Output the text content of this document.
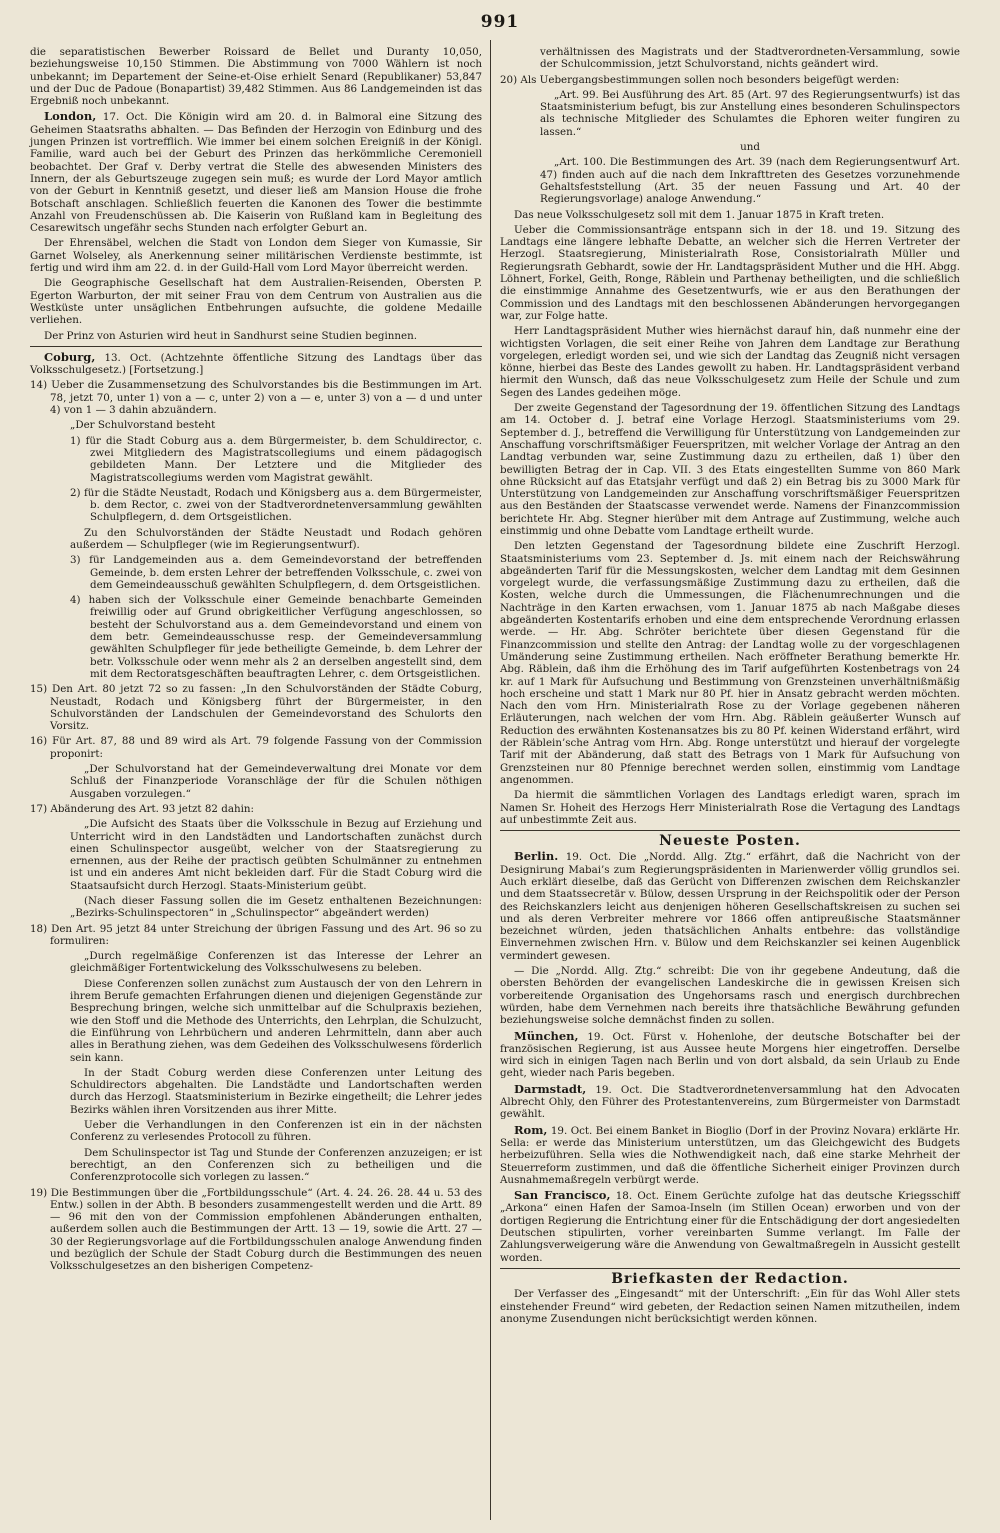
991

die separatistischen Bewerber Roissard de Bellet und Duranty 10,050, beziehungsweise 10,150 Stimmen. Die Abstimmung von 7000 Wählern ist noch unbekannt; im Departement der Seine-et-Oise erhielt Senard (Republikaner) 53,847 und der Duc de Padoue (Bonapartist) 39,482 Stimmen. Aus 86 Landgemeinden ist das Ergebniß noch unbekannt.

London, 17. Oct. Die Königin wird am 20. d. in Balmoral eine Sitzung des Geheimen Staatsraths abhalten. — Das Befinden der Herzogin von Edinburg und des jungen Prinzen ist vortrefflich. Wie immer bei einem solchen Ereigniß in der Königl. Familie, ward auch bei der Geburt des Prinzen das herkömmliche Ceremoniell beobachtet. Der Graf v. Derby vertrat die Stelle des abwesenden Ministers des Innern, der als Geburtszeuge zugegen sein muß; es wurde der Lord Mayor amtlich von der Geburt in Kenntniß gesetzt, und dieser ließ am Mansion House die frohe Botschaft anschlagen. Schließlich feuerten die Kanonen des Tower die bestimmte Anzahl von Freudenschüssen ab. Die Kaiserin von Rußland kam in Begleitung des Cesarewitsch ungefähr sechs Stunden nach erfolgter Geburt an.

Der Ehrensäbel, welchen die Stadt von London dem Sieger von Kumassie, Sir Garnet Wolseley, als Anerkennung seiner militärischen Verdienste bestimmte, ist fertig und wird ihm am 22. d. in der Guild-Hall vom Lord Mayor überreicht werden.

Die Geographische Gesellschaft hat dem Australien-Reisenden, Obersten P. Egerton Warburton, der mit seiner Frau von dem Centrum von Australien aus die Westküste unter unsäglichen Entbehrungen aufsuchte, die goldene Medaille verliehen.

Der Prinz von Asturien wird heut in Sandhurst seine Studien beginnen.

Coburg, 13. Oct. (Achtzehnte öffentliche Sitzung des Landtags über das Volksschulgesetz.) [Fortsetzung.]

14) Ueber die Zusammensetzung des Schulvorstandes bis die Bestimmungen im Art. 78, jetzt 70, unter 1) von a — c, unter 2) von a — e, unter 3) von a — d und unter 4) von 1 — 3 dahin abzuändern.

„Der Schulvorstand besteht

1) für die Stadt Coburg aus a. dem Bürgermeister, b. dem Schuldirector, c. zwei Mitgliedern des Magistratscollegiums und einem pädagogisch gebildeten Mann. Der Letztere und die Mitglieder des Magistratscollegiums werden vom Magistrat gewählt.

2) für die Städte Neustadt, Rodach und Königsberg aus a. dem Bürgermeister, b. dem Rector, c. zwei von der Stadtverordnetenversammlung gewählten Schulpflegern, d. dem Ortsgeistlichen.

Zu den Schulvorständen der Städte Neustadt und Rodach gehören außerdem — Schulpfleger (wie im Regierungsentwurf).

3) für Landgemeinden aus a. dem Gemeindevorstand der betreffenden Gemeinde, b. dem ersten Lehrer der betreffenden Volksschule, c. zwei von dem Gemeindeausschuß gewählten Schulpflegern, d. dem Ortsgeistlichen.

4) haben sich der Volksschule einer Gemeinde benachbarte Gemeinden freiwillig oder auf Grund obrigkeitlicher Verfügung angeschlossen, so besteht der Schulvorstand aus a. dem Gemeindevorstand und einem von dem betr. Gemeindeausschusse resp. der Gemeindeversammlung gewählten Schulpfleger für jede betheiligte Gemeinde, b. dem Lehrer der betr. Volksschule oder wenn mehr als 2 an derselben angestellt sind, dem mit dem Rectoratsgeschäften beauftragten Lehrer, c. dem Ortsgeistlichen.

15) Den Art. 80 jetzt 72 so zu fassen: „In den Schulvorständen der Städte Coburg, Neustadt, Rodach und Königsberg führt der Bürgermeister, in den Schulvorständen der Landschulen der Gemeindevorstand des Schulorts den Vorsitz.

16) Für Art. 87, 88 und 89 wird als Art. 79 folgende Fassung von der Commission proponirt:

„Der Schulvorstand hat der Gemeindeverwaltung drei Monate vor dem Schluß der Finanzperiode Voranschläge der für die Schulen nöthigen Ausgaben vorzulegen.“

17) Abänderung des Art. 93 jetzt 82 dahin:

„Die Aufsicht des Staats über die Volksschule in Bezug auf Erziehung und Unterricht wird in den Landstädten und Landortschaften zunächst durch einen Schulinspector ausgeübt, welcher von der Staatsregierung zu ernennen, aus der Reihe der practisch geübten Schulmänner zu entnehmen ist und ein anderes Amt nicht bekleiden darf. Für die Stadt Coburg wird die Staatsaufsicht durch Herzogl. Staats-Ministerium geübt.

(Nach dieser Fassung sollen die im Gesetz enthaltenen Bezeichnungen: „Bezirks-Schulinspectoren“ in „Schulinspector“ abgeändert werden)

18) Den Art. 95 jetzt 84 unter Streichung der übrigen Fassung und des Art. 96 so zu formuliren:

„Durch regelmäßige Conferenzen ist das Interesse der Lehrer an gleichmäßiger Fortentwickelung des Volksschulwesens zu beleben.

Diese Conferenzen sollen zunächst zum Austausch der von den Lehrern in ihrem Berufe gemachten Erfahrungen dienen und diejenigen Gegenstände zur Besprechung bringen, welche sich unmittelbar auf die Schulpraxis beziehen, wie den Stoff und die Methode des Unterrichts, den Lehrplan, die Schulzucht, die Einführung von Lehrbüchern und anderen Lehrmitteln, dann aber auch alles in Berathung ziehen, was dem Gedeihen des Volksschulwesens förderlich sein kann.

In der Stadt Coburg werden diese Conferenzen unter Leitung des Schuldirectors abgehalten. Die Landstädte und Landortschaften werden durch das Herzogl. Staatsministerium in Bezirke eingetheilt; die Lehrer jedes Bezirks wählen ihren Vorsitzenden aus ihrer Mitte.

Ueber die Verhandlungen in den Conferenzen ist ein in der nächsten Conferenz zu verlesendes Protocoll zu führen.

Dem Schulinspector ist Tag und Stunde der Conferenzen anzuzeigen; er ist berechtigt, an den Conferenzen sich zu betheiligen und die Conferenzprotocolle sich vorlegen zu lassen.“

19) Die Bestimmungen über die „Fortbildungsschule“ (Art. 4. 24. 26. 28. 44 u. 53 des Entw.) sollen in der Abth. B besonders zusammengestellt werden und die Artt. 89 — 96 mit den von der Commission empfohlenen Abänderungen enthalten, außerdem sollen auch die Bestimmungen der Artt. 13 — 19, sowie die Artt. 27 — 30 der Regierungsvorlage auf die Fortbildungsschulen analoge Anwendung finden und bezüglich der Schule der Stadt Coburg durch die Bestimmungen des neuen Volksschulgesetzes an den bisherigen Competenz-

verhältnissen des Magistrats und der Stadtverordneten-Versammlung, sowie der Schulcommission, jetzt Schulvorstand, nichts geändert wird.

20) Als Uebergangsbestimmungen sollen noch besonders beigefügt werden:

„Art. 99. Bei Ausführung des Art. 85 (Art. 97 des Regierungsentwurfs) ist das Staatsministerium befugt, bis zur Anstellung eines besonderen Schulinspectors als technische Mitglieder des Schulamtes die Ephoren weiter fungiren zu lassen.“

und

„Art. 100. Die Bestimmungen des Art. 39 (nach dem Regierungsentwurf Art. 47) finden auch auf die nach dem Inkrafttreten des Gesetzes vorzunehmende Gehaltsfeststellung (Art. 35 der neuen Fassung und Art. 40 der Regierungsvorlage) analoge Anwendung.“

Das neue Volksschulgesetz soll mit dem 1. Januar 1875 in Kraft treten.

Ueber die Commissionsanträge entspann sich in der 18. und 19. Sitzung des Landtags eine längere lebhafte Debatte, an welcher sich die Herren Vertreter der Herzogl. Staatsregierung, Ministerialrath Rose, Consistorialrath Müller und Regierungsrath Gebhardt, sowie der Hr. Landtagspräsident Muther und die HH. Abgg. Löhnert, Forkel, Geith, Ronge, Räblein und Parthenay betheiligten, und die schließlich die einstimmige Annahme des Gesetzentwurfs, wie er aus den Berathungen der Commission und des Landtags mit den beschlossenen Abänderungen hervorgegangen war, zur Folge hatte.

Herr Landtagspräsident Muther wies hiernächst darauf hin, daß nunmehr eine der wichtigsten Vorlagen, die seit einer Reihe von Jahren dem Landtage zur Berathung vorgelegen, erledigt worden sei, und wie sich der Landtag das Zeugniß nicht versagen könne, hierbei das Beste des Landes gewollt zu haben. Hr. Landtagspräsident verband hiermit den Wunsch, daß das neue Volksschulgesetz zum Heile der Schule und zum Segen des Landes gedeihen möge.

Der zweite Gegenstand der Tagesordnung der 19. öffentlichen Sitzung des Landtags am 14. October d. J. betraf eine Vorlage Herzogl. Staatsministeriums vom 29. September d. J., betreffend die Verwilligung für Unterstützung von Landgemeinden zur Anschaffung vorschriftsmäßiger Feuerspritzen, mit welcher Vorlage der Antrag an den Landtag verbunden war, seine Zustimmung dazu zu ertheilen, daß 1) über den bewilligten Betrag der in Cap. VII. 3 des Etats eingestellten Summe von 860 Mark ohne Rücksicht auf das Etatsjahr verfügt und daß 2) ein Betrag bis zu 3000 Mark für Unterstützung von Landgemeinden zur Anschaffung vorschriftsmäßiger Feuerspritzen aus den Beständen der Staatscasse verwendet werde. Namens der Finanzcommission berichtete Hr. Abg. Stegner hierüber mit dem Antrage auf Zustimmung, welche auch einstimmig und ohne Debatte vom Landtage ertheilt wurde.

Den letzten Gegenstand der Tagesordnung bildete eine Zuschrift Herzogl. Staatsministeriums vom 23. September d. Js. mit einem nach der Reichswährung abgeänderten Tarif für die Messungskosten, welcher dem Landtag mit dem Gesinnen vorgelegt wurde, die verfassungsmäßige Zustimmung dazu zu ertheilen, daß die Kosten, welche durch die Ummessungen, die Flächenumrechnungen und die Nachträge in den Karten erwachsen, vom 1. Januar 1875 ab nach Maßgabe dieses abgeänderten Kostentarifs erhoben und eine dem entsprechende Verordnung erlassen werde. — Hr. Abg. Schröter berichtete über diesen Gegenstand für die Finanzcommission und stellte den Antrag: der Landtag wolle zu der vorgeschlagenen Umänderung seine Zustimmung ertheilen. Nach eröffneter Berathung bemerkte Hr. Abg. Räblein, daß ihm die Erhöhung des im Tarif aufgeführten Kostenbetrags von 24 kr. auf 1 Mark für Aufsuchung und Bestimmung von Grenzsteinen unverhältnißmäßig hoch erscheine und statt 1 Mark nur 80 Pf. hier in Ansatz gebracht werden möchten. Nach den vom Hrn. Ministerialrath Rose zu der Vorlage gegebenen näheren Erläuterungen, nach welchen der vom Hrn. Abg. Räblein geäußerter Wunsch auf Reduction des erwähnten Kostenansatzes bis zu 80 Pf. keinen Widerstand erfährt, wird der Räblein’sche Antrag vom Hrn. Abg. Ronge unterstützt und hierauf der vorgelegte Tarif mit der Abänderung, daß statt des Betrags von 1 Mark für Aufsuchung von Grenzsteinen nur 80 Pfennige berechnet werden sollen, einstimmig vom Landtage angenommen.

Da hiermit die sämmtlichen Vorlagen des Landtags erledigt waren, sprach im Namen Sr. Hoheit des Herzogs Herr Ministerialrath Rose die Vertagung des Landtags auf unbestimmte Zeit aus.

Neueste Posten.

Berlin. 19. Oct. Die „Nordd. Allg. Ztg.“ erfährt, daß die Nachricht von der Designirung Mabai’s zum Regierungspräsidenten in Marienwerder völlig grundlos sei. Auch erklärt dieselbe, daß das Gerücht von Differenzen zwischen dem Reichskanzler und dem Staatssecretär v. Bülow, dessen Ursprung in der Reichspolitik oder der Person des Reichskanzlers leicht aus denjenigen höheren Gesellschaftskreisen zu suchen sei und als deren Verbreiter mehrere vor 1866 offen antipreußische Staatsmänner bezeichnet würden, jeden thatsächlichen Anhalts entbehre: das vollständige Einvernehmen zwischen Hrn. v. Bülow und dem Reichskanzler sei keinen Augenblick vermindert gewesen.

— Die „Nordd. Allg. Ztg.“ schreibt: Die von ihr gegebene Andeutung, daß die obersten Behörden der evangelischen Landeskirche die in gewissen Kreisen sich vorbereitende Organisation des Ungehorsams rasch und energisch durchbrechen würden, habe dem Vernehmen nach bereits ihre thatsächliche Bewährung gefunden beziehungsweise solche demnächst finden zu sollen.

München, 19. Oct. Fürst v. Hohenlohe, der deutsche Botschafter bei der französischen Regierung, ist aus Aussee heute Morgens hier eingetroffen. Derselbe wird sich in einigen Tagen nach Berlin und von dort alsbald, da sein Urlaub zu Ende geht, wieder nach Paris begeben.

Darmstadt, 19. Oct. Die Stadtverordnetenversammlung hat den Advocaten Albrecht Ohly, den Führer des Protestantenvereins, zum Bürgermeister von Darmstadt gewählt.

Rom, 19. Oct. Bei einem Banket in Bioglio (Dorf in der Provinz Novara) erklärte Hr. Sella: er werde das Ministerium unterstützen, um das Gleichgewicht des Budgets herbeizuführen. Sella wies die Nothwendigkeit nach, daß eine starke Mehrheit der Steuerreform zustimmen, und daß die öffentliche Sicherheit einiger Provinzen durch Ausnahmemaßregeln verbürgt werde.

San Francisco, 18. Oct. Einem Gerüchte zufolge hat das deutsche Kriegsschiff „Arkona“ einen Hafen der Samoa-Inseln (im Stillen Ocean) erworben und von der dortigen Regierung die Entrichtung einer für die Entschädigung der dort angesiedelten Deutschen stipulirten, vorher vereinbarten Summe verlangt. Im Falle der Zahlungsverweigerung wäre die Anwendung von Gewaltmaßregeln in Aussicht gestellt worden.

Briefkasten der Redaction.

Der Verfasser des „Eingesandt“ mit der Unterschrift: „Ein für das Wohl Aller stets einstehender Freund“ wird gebeten, der Redaction seinen Namen mitzutheilen, indem anonyme Zusendungen nicht berücksichtigt werden können.
